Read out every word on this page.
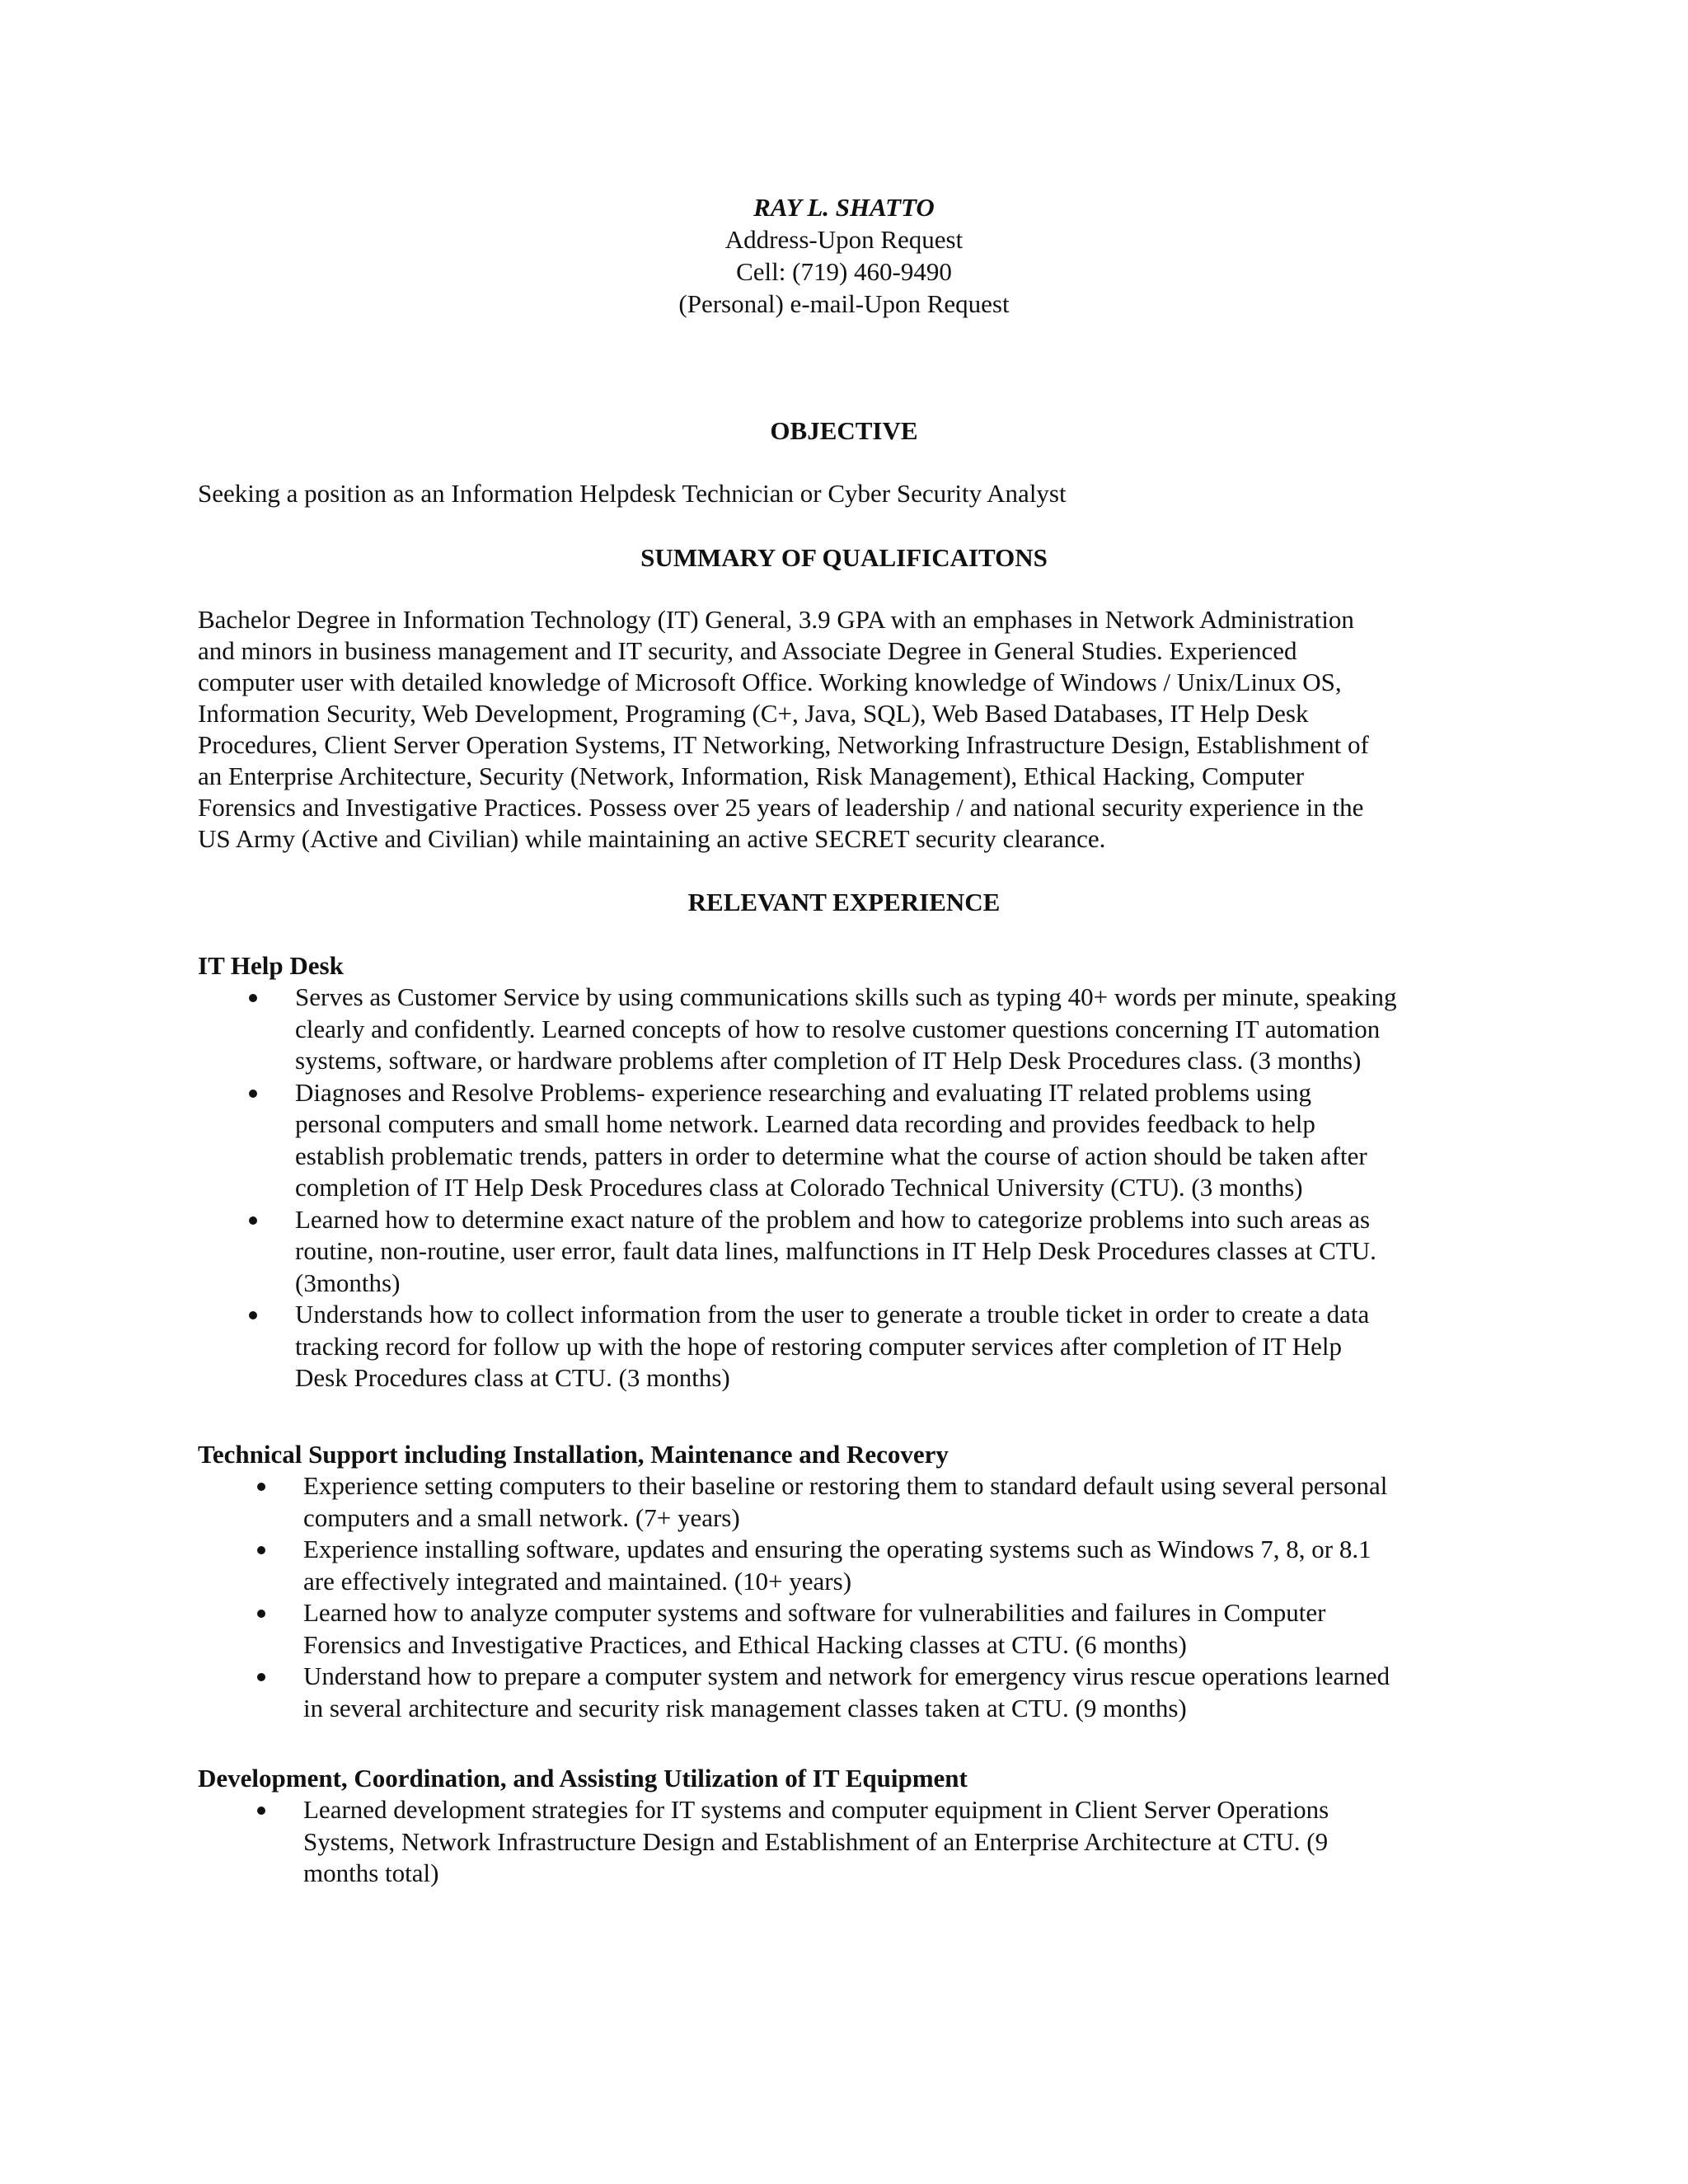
RAY L. SHATTO
Address-Upon Request
Cell: (719) 460-9490
(Personal) e-mail-Upon Request
OBJECTIVE
Seeking a position as an Information Helpdesk Technician or Cyber Security Analyst
SUMMARY OF QUALIFICAITONS
Bachelor Degree in Information Technology (IT) General, 3.9 GPA with an emphases in Network Administration
and minors in business management and IT security, and Associate Degree in General Studies. Experienced
computer user with detailed knowledge of Microsoft Office. Working knowledge of Windows / Unix/Linux OS,
Information Security, Web Development, Programing (C+, Java, SQL), Web Based Databases, IT Help Desk
Procedures, Client Server Operation Systems, IT Networking, Networking Infrastructure Design, Establishment of
an Enterprise Architecture, Security (Network, Information, Risk Management), Ethical Hacking, Computer
Forensics and Investigative Practices. Possess over 25 years of leadership / and national security experience in the
US Army (Active and Civilian) while maintaining an active SECRET security clearance.
RELEVANT EXPERIENCE
IT Help Desk
Serves as Customer Service by using communications skills such as typing 40+ words per minute, speaking
clearly and confidently. Learned concepts of how to resolve customer questions concerning IT automation
systems, software, or hardware problems after completion of IT Help Desk Procedures class. (3 months)
Diagnoses and Resolve Problems- experience researching and evaluating IT related problems using
personal computers and small home network. Learned data recording and provides feedback to help
establish problematic trends, patters in order to determine what the course of action should be taken after
completion of IT Help Desk Procedures class at Colorado Technical University (CTU). (3 months)
Learned how to determine exact nature of the problem and how to categorize problems into such areas as
routine, non-routine, user error, fault data lines, malfunctions in IT Help Desk Procedures classes at CTU.
(3months)
Understands how to collect information from the user to generate a trouble ticket in order to create a data
tracking record for follow up with the hope of restoring computer services after completion of IT Help
Desk Procedures class at CTU. (3 months)
Technical Support including Installation, Maintenance and Recovery
Experience setting computers to their baseline or restoring them to standard default using several personal
computers and a small network. (7+ years)
Experience installing software, updates and ensuring the operating systems such as Windows 7, 8, or 8.1
are effectively integrated and maintained. (10+ years)
Learned how to analyze computer systems and software for vulnerabilities and failures in Computer
Forensics and Investigative Practices, and Ethical Hacking classes at CTU. (6 months)
Understand how to prepare a computer system and network for emergency virus rescue operations learned
in several architecture and security risk management classes taken at CTU. (9 months)
Development, Coordination, and Assisting Utilization of IT Equipment
Learned development strategies for IT systems and computer equipment in Client Server Operations
Systems, Network Infrastructure Design and Establishment of an Enterprise Architecture at CTU. (9
months total)
